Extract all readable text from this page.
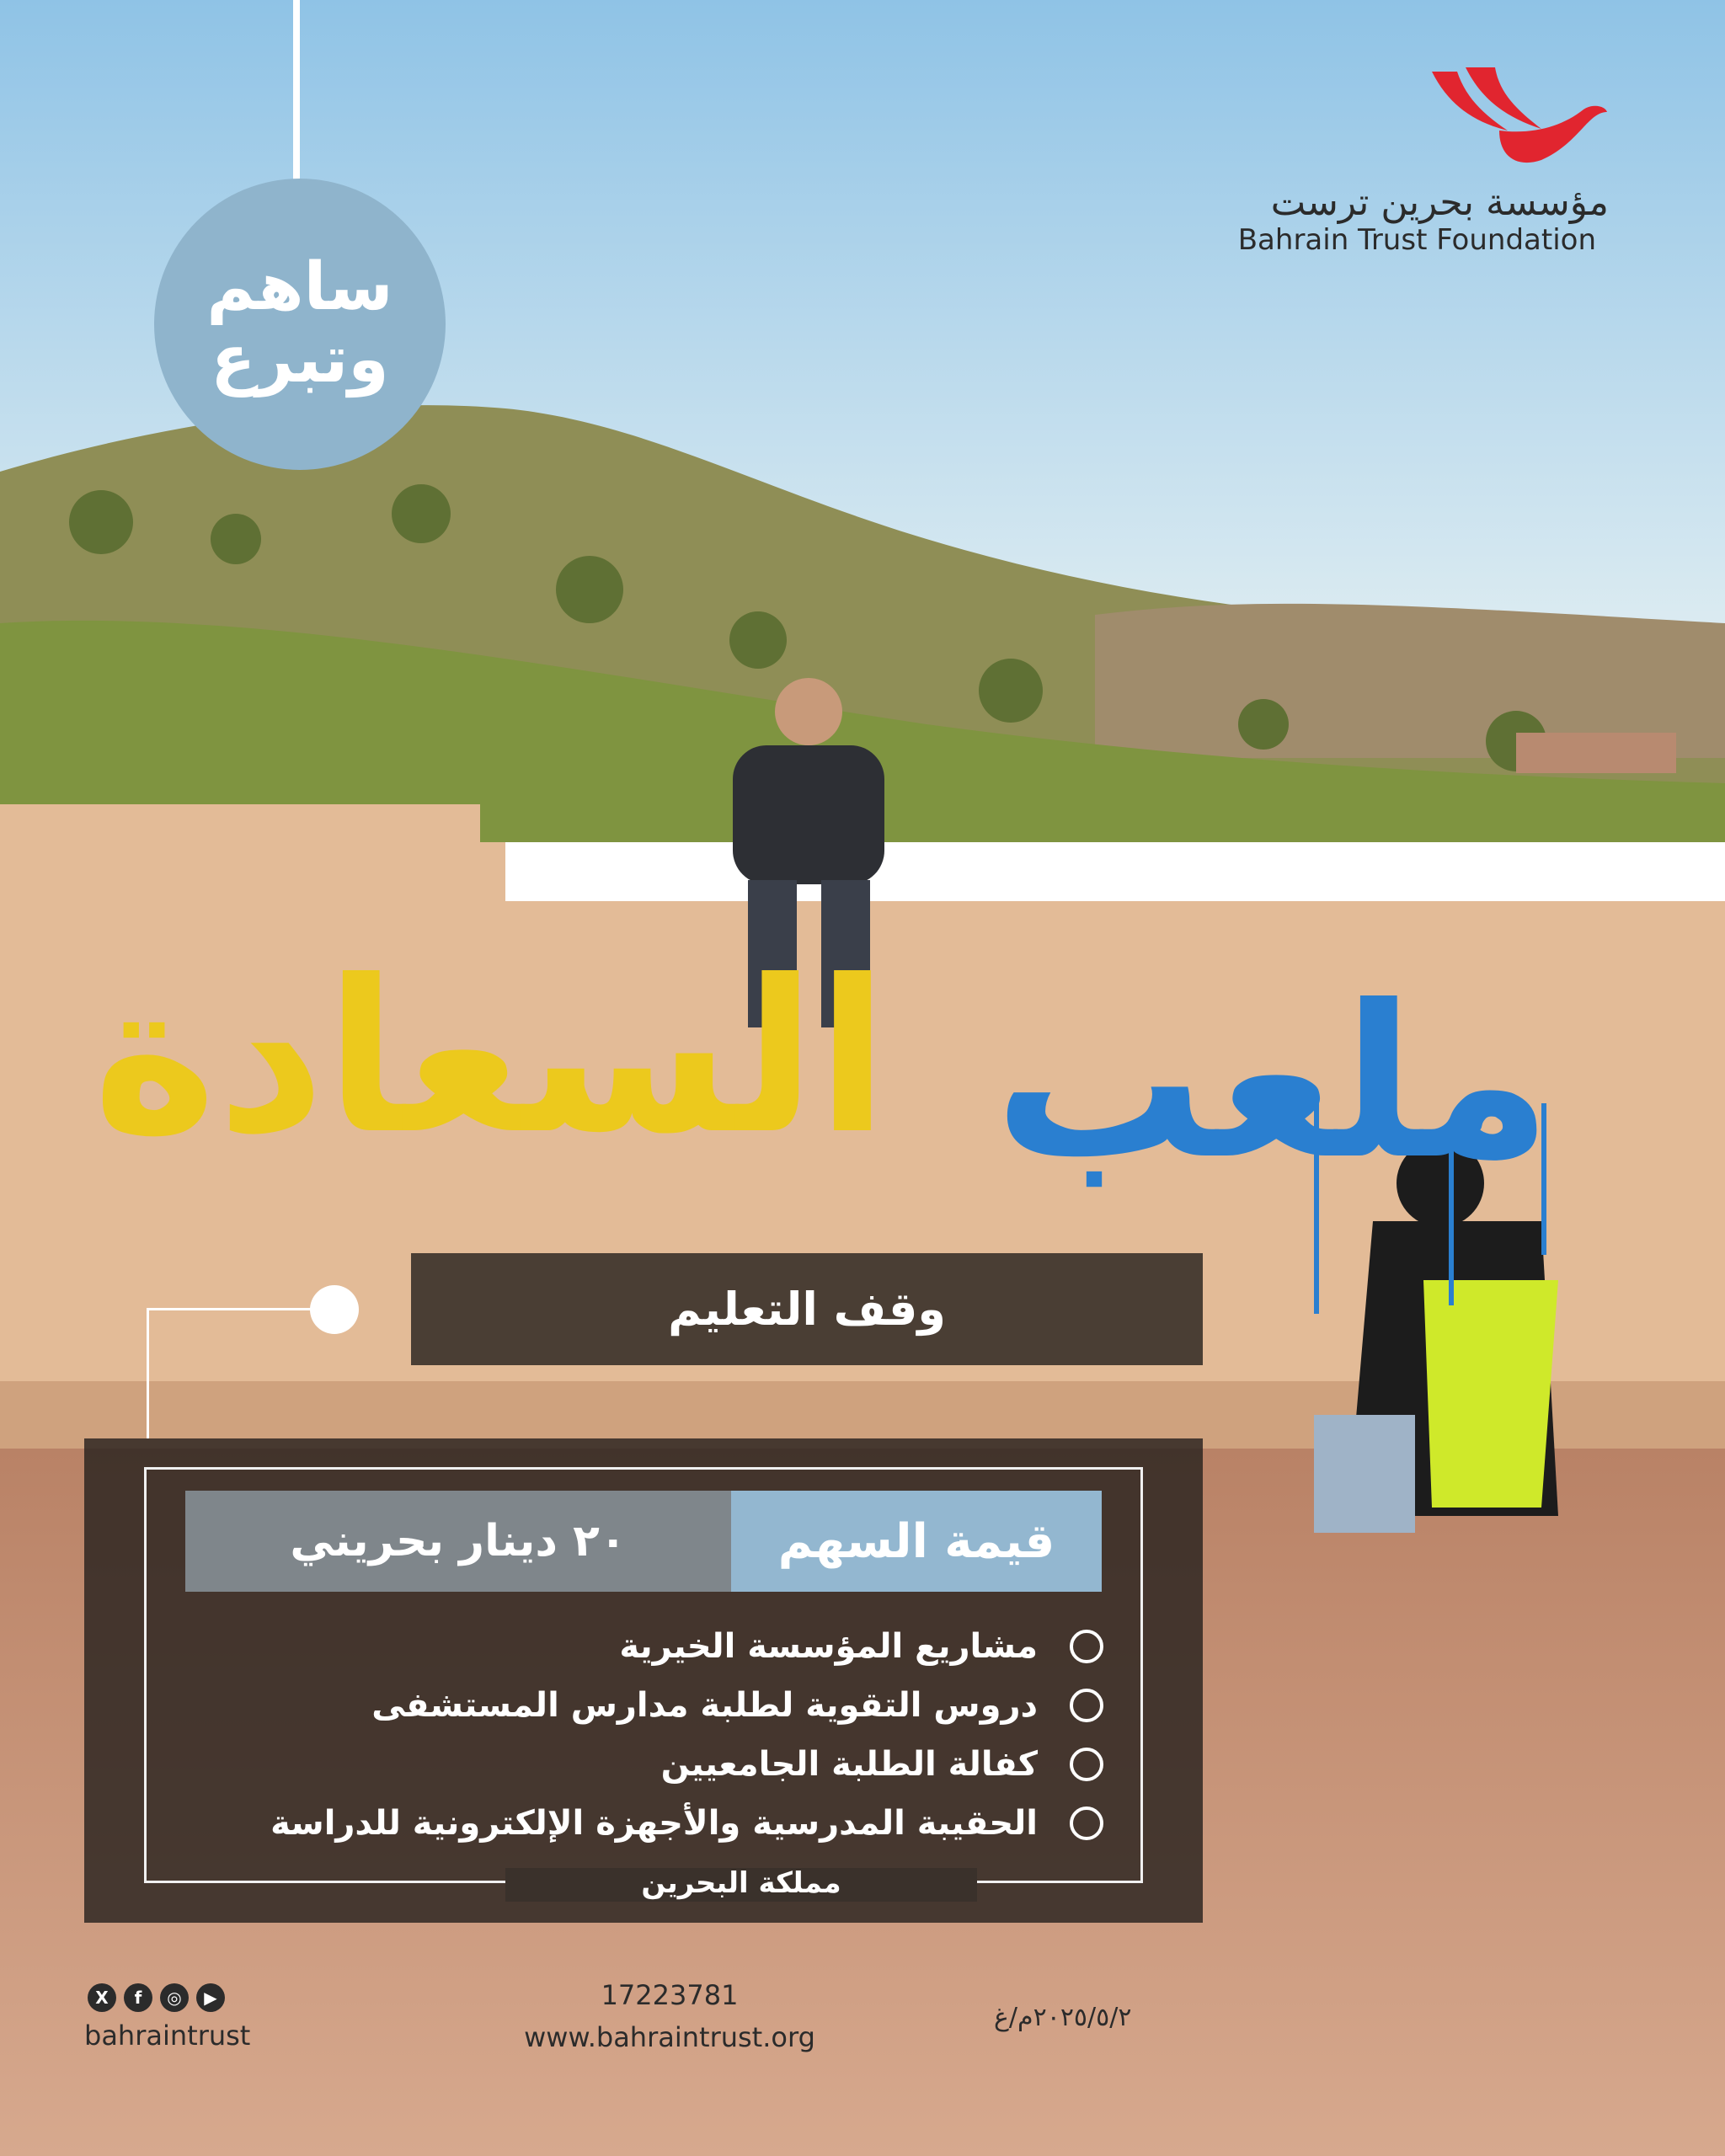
ساهم
وتبرع
مؤسسة بحرين ترست
Bahrain Trust Foundation
السعادة ملعب
وقف التعليم
٢٠ دينار بحريني	قيمة السهم
مشاريع المؤسسة الخيرية
دروس التقوية لطلبة مدارس المستشفى
كفالة الطلبة الجامعيين
الحقيبة المدرسية والأجهزة الإلكترونية للدراسة
مملكة البحرين
X	f	◎	▶
bahraintrust
17223781
www.bahraintrust.org
٢٠٢٥/٥/٢م/غ
